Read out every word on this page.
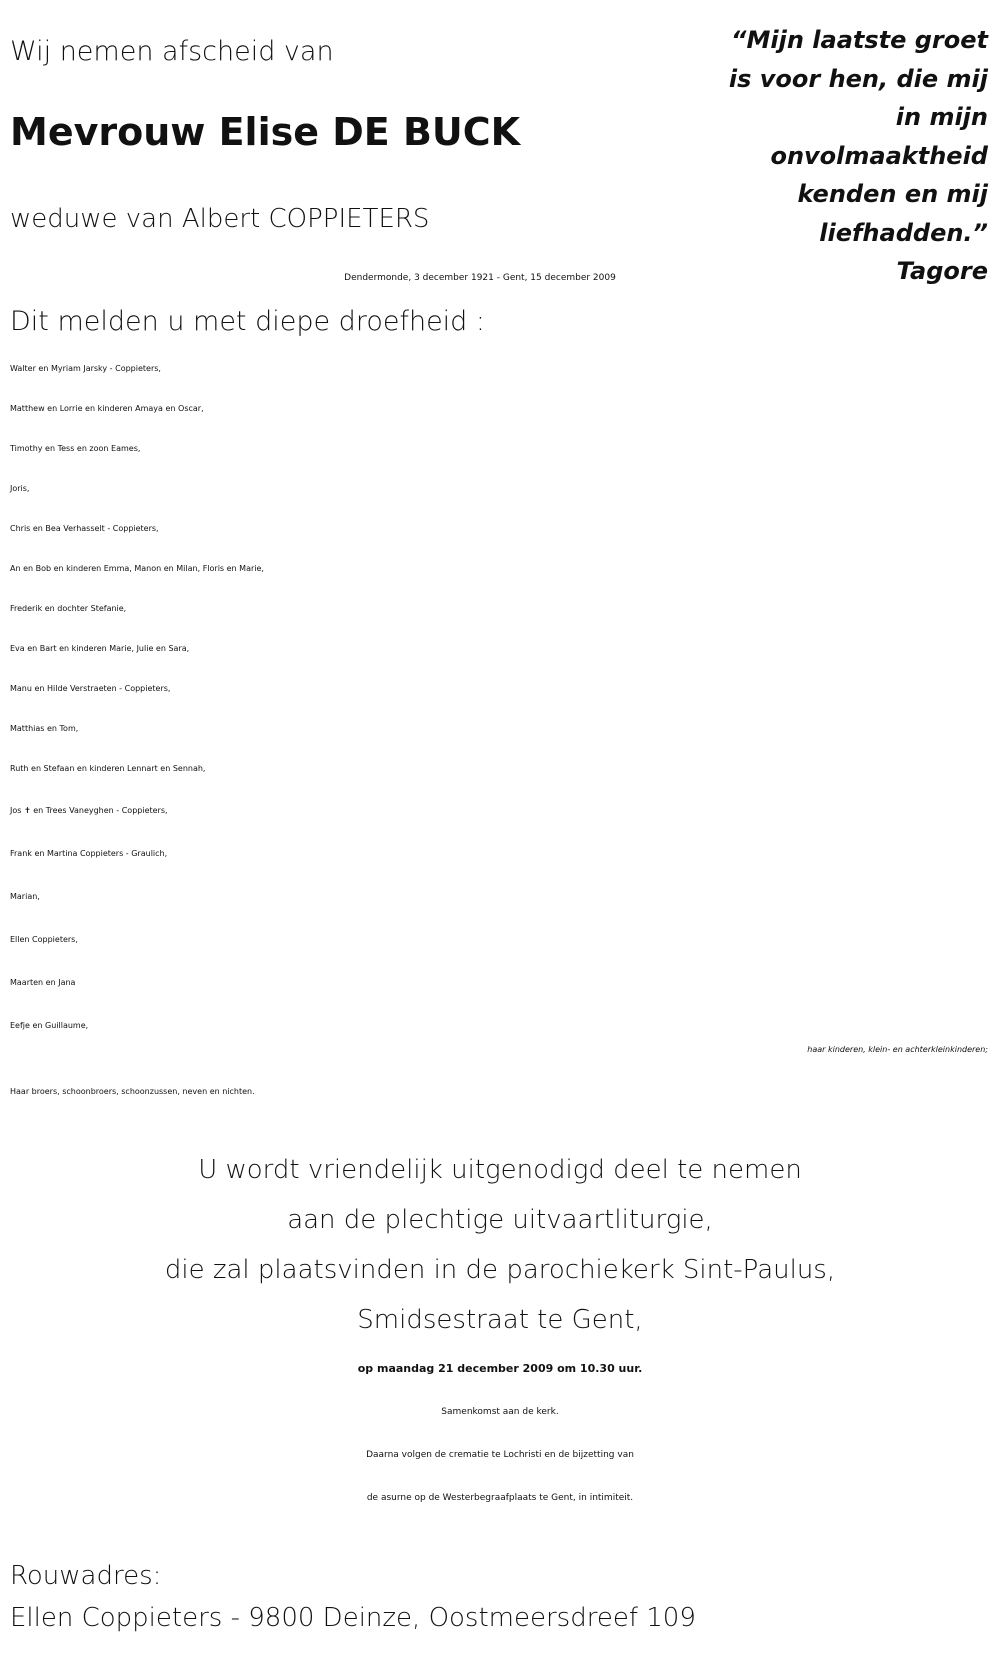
Wij nemen afscheid van
Mevrouw Elise DE BUCK
weduwe van Albert COPPIETERS
Dendermonde, 3 december 1921 - Gent, 15 december 2009
Dit melden u met diepe droefheid :
“Mijn laatste groet
is voor hen, die mij
in mijn
onvolmaaktheid
kenden en mij
liefhadden.”
Tagore
Walter en Myriam Jarsky - Coppieters,
Matthew en Lorrie en kinderen Amaya en Oscar,
Timothy en Tess en zoon Eames,
Joris,
Chris en Bea Verhasselt - Coppieters,
An en Bob en kinderen Emma, Manon en Milan, Floris en Marie,
Frederik en dochter Stefanie,
Eva en Bart en kinderen Marie, Julie en Sara,
Manu en Hilde Verstraeten - Coppieters,
Matthias en Tom,
Ruth en Stefaan en kinderen Lennart en Sennah,
Jos ✝ en Trees Vaneyghen - Coppieters,
Frank en Martina Coppieters - Graulich,
Marian,
Ellen Coppieters,
Maarten en Jana
Eefje en Guillaume,
haar kinderen, klein- en achterkleinkinderen;
Haar broers, schoonbroers, schoonzussen, neven en nichten.
U wordt vriendelijk uitgenodigd deel te nemen
aan de plechtige uitvaartliturgie,
die zal plaatsvinden in de parochiekerk Sint-Paulus,
Smidsestraat te Gent,
op maandag 21 december 2009 om 10.30 uur.
Samenkomst aan de kerk.
Daarna volgen de crematie te Lochristi en de bijzetting van
de asurne op de Westerbegraafplaats te Gent, in intimiteit.
Rouwadres:
Ellen Coppieters - 9800 Deinze, Oostmeersdreef 109
